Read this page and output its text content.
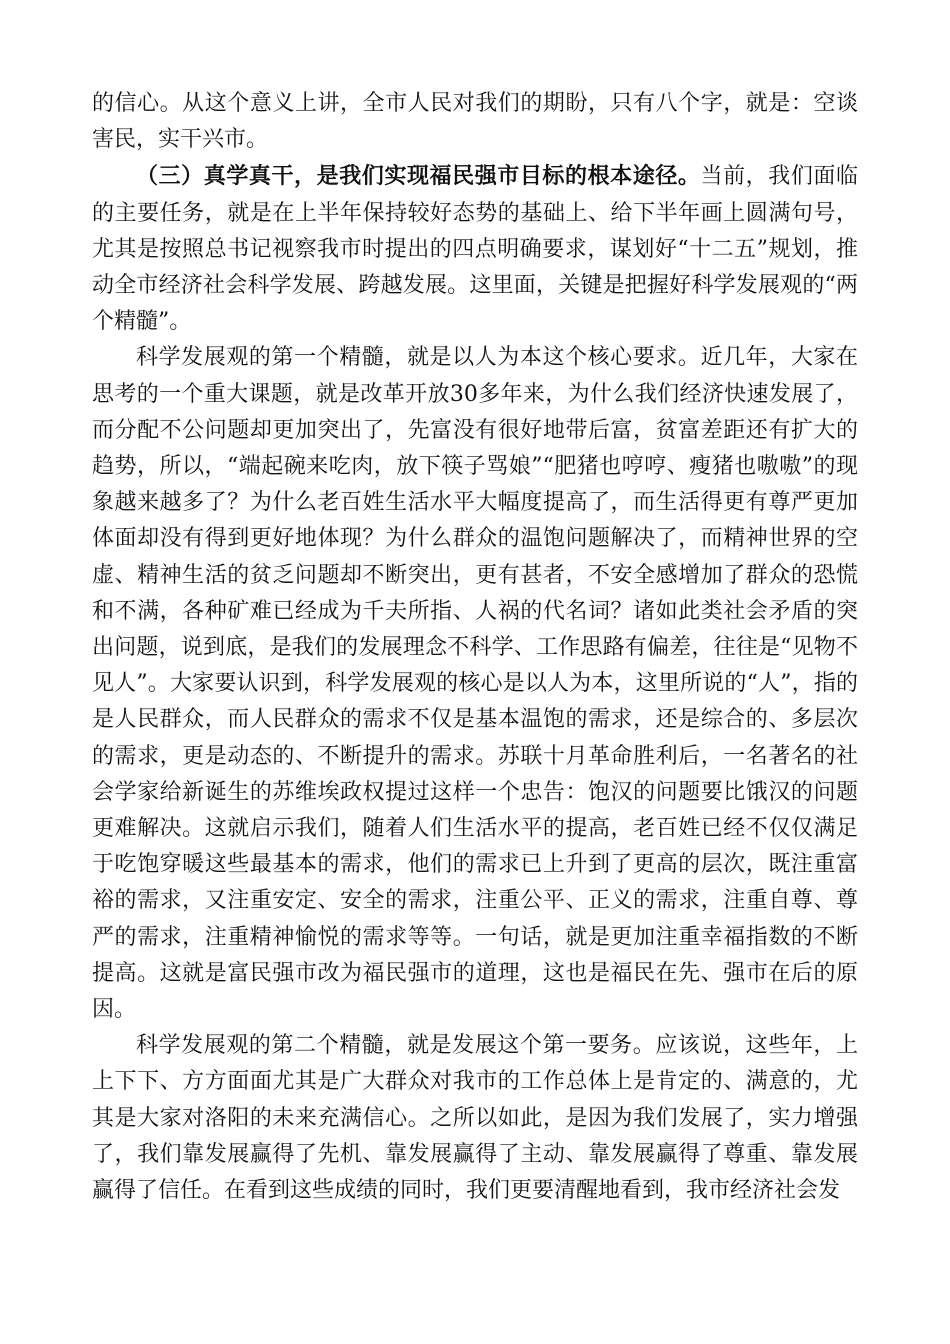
的信心。从这个意义上讲，全市人民对我们的期盼，只有八个字，就是：空谈害民，实干兴市。

（三）真学真干，是我们实现福民强市目标的根本途径。当前，我们面临的主要任务，就是在上半年保持较好态势的基础上、给下半年画上圆满句号，尤其是按照总书记视察我市时提出的四点明确要求，谋划好“十二五”规划，推动全市经济社会科学发展、跨越发展。这里面，关键是把握好科学发展观的“两个精髓”。

科学发展观的第一个精髓，就是以人为本这个核心要求。近几年，大家在思考的一个重大课题，就是改革开放30多年来，为什么我们经济快速发展了，而分配不公问题却更加突出了，先富没有很好地带后富，贫富差距还有扩大的趋势，所以，“端起碗来吃肉，放下筷子骂娘”“肥猪也哼哼、瘦猪也嗷嗷”的现象越来越多了？为什么老百姓生活水平大幅度提高了，而生活得更有尊严更加体面却没有得到更好地体现？为什么群众的温饱问题解决了，而精神世界的空虚、精神生活的贫乏问题却不断突出，更有甚者，不安全感增加了群众的恐慌和不满，各种矿难已经成为千夫所指、人祸的代名词？诸如此类社会矛盾的突出问题，说到底，是我们的发展理念不科学、工作思路有偏差，往往是“见物不见人”。大家要认识到，科学发展观的核心是以人为本，这里所说的“人”，指的是人民群众，而人民群众的需求不仅是基本温饱的需求，还是综合的、多层次的需求，更是动态的、不断提升的需求。苏联十月革命胜利后，一名著名的社会学家给新诞生的苏维埃政权提过这样一个忠告：饱汉的问题要比饿汉的问题更难解决。这就启示我们，随着人们生活水平的提高，老百姓已经不仅仅满足于吃饱穿暖这些最基本的需求，他们的需求已上升到了更高的层次，既注重富裕的需求，又注重安定、安全的需求，注重公平、正义的需求，注重自尊、尊严的需求，注重精神愉悦的需求等等。一句话，就是更加注重幸福指数的不断提高。这就是富民强市改为福民强市的道理，这也是福民在先、强市在后的原因。

科学发展观的第二个精髓，就是发展这个第一要务。应该说，这些年，上上下下、方方面面尤其是广大群众对我市的工作总体上是肯定的、满意的，尤其是大家对洛阳的未来充满信心。之所以如此，是因为我们发展了，实力增强了，我们靠发展赢得了先机、靠发展赢得了主动、靠发展赢得了尊重、靠发展赢得了信任。在看到这些成绩的同时，我们更要清醒地看到，我市经济社会发
